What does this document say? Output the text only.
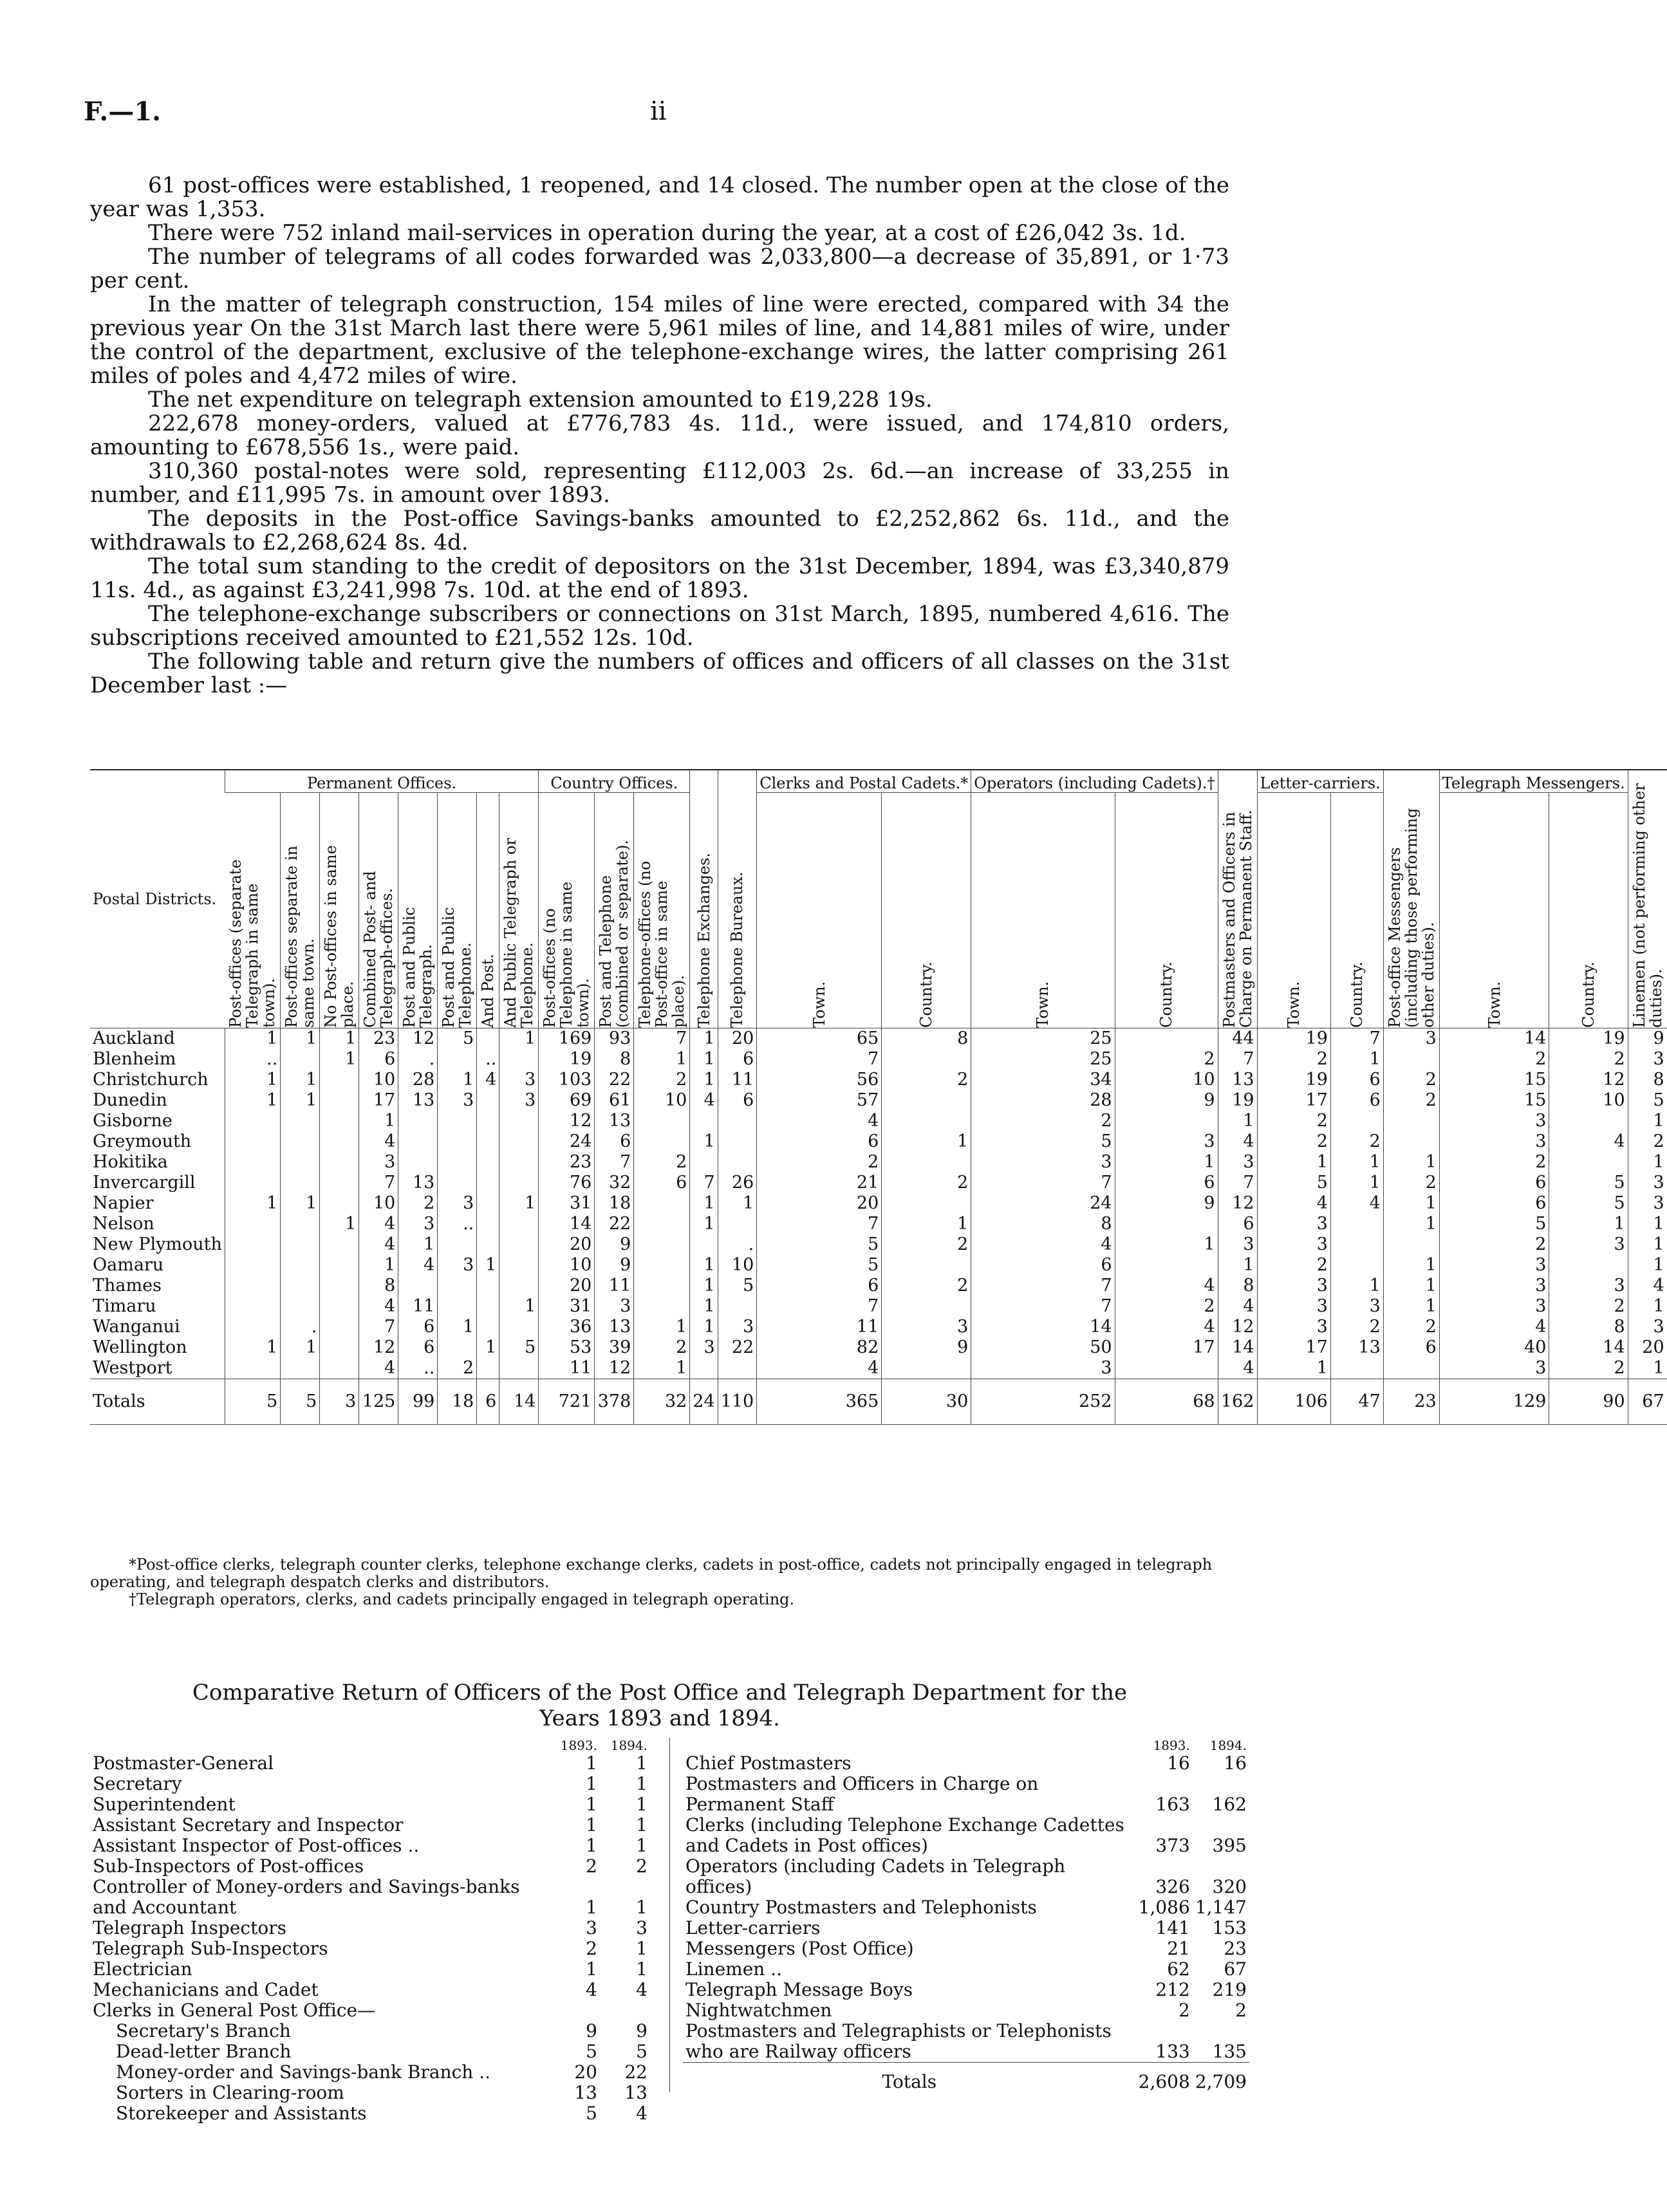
F.—1.	ii

61 post-offices were established, 1 reopened, and 14 closed. The number open at the close of the year was 1,353.

There were 752 inland mail-services in operation during the year, at a cost of £26,042 3s. 1d.

The number of telegrams of all codes forwarded was 2,033,800—a decrease of 35,891, or 1·73 per cent.

In the matter of telegraph construction, 154 miles of line were erected, compared with 34 the previous year On the 31st March last there were 5,961 miles of line, and 14,881 miles of wire, under the control of the department, exclusive of the telephone-exchange wires, the latter comprising 261 miles of poles and 4,472 miles of wire.

The net expenditure on telegraph extension amounted to £19,228 19s.

222,678 money-orders, valued at £776,783 4s. 11d., were issued, and 174,810 orders, amounting to £678,556 1s., were paid.

310,360 postal-notes were sold, representing £112,003 2s. 6d.—an increase of 33,255 in number, and £11,995 7s. in amount over 1893.

The deposits in the Post-office Savings-banks amounted to £2,252,862 6s. 11d., and the withdrawals to £2,268,624 8s. 4d.

The total sum standing to the credit of depositors on the 31st December, 1894, was £3,340,879 11s. 4d., as against £3,241,998 7s. 10d. at the end of 1893.

The telephone-exchange subscribers or connections on 31st March, 1895, numbered 4,616. The subscriptions received amounted to £21,552 12s. 10d.

The following table and return give the numbers of offices and officers of all classes on the 31st December last :—

Postal Districts.	Permanent Offices.								Country Offices.			Telephone Exchanges.	Telephone Bureaux.	Clerks and Postal Cadets.*		Operators (including Cadets).†		Postmasters and Officers in Charge on Permanent Staff.	Letter-carriers.		Post-office Messengers (including those performing other duties).	Telegraph Messengers.		Linemen (not performing other duties).

	Post-offices (separate Telegraph in same town).	Post-offices separate in same town.	No Post-offices in same place.	Combined Post- and Telegraph-offices.	Post and Public Telegraph.	Post and Public Telephone.	And Post.	And Public Telegraph or Telephone.	Post-offices (no Telephone in same town).	Post and Telephone (combined or separate).	Telephone-offices (no Post-office in same place).			Town.	Country.	Town.	Country.		Town.	Country.		Town.	Country.	

Auckland	1	1	1	23	12	5		1	169	93	7	1	20	65	8	25		44	19	7	3	14	19	9
Blenheim	..		1	6	.		..		19	8	1	1	6	7		25	2	7	2	1		2	2	3
Christchurch	1	1		10	28	1	4	3	103	22	2	1	11	56	2	34	10	13	19	6	2	15	12	8
Dunedin	1	1		17	13	3		3	69	61	10	4	6	57		28	9	19	17	6	2	15	10	5
Gisborne				1					12	13				4		2		1	2			3		1
Greymouth				4					24	6		1		6	1	5	3	4	2	2		3	4	2
Hokitika				3					23	7	2			2		3	1	3	1	1	1	2		1
Invercargill				7	13				76	32	6	7	26	21	2	7	6	7	5	1	2	6	5	3
Napier	1	1		10	2	3		1	31	18		1	1	20		24	9	12	4	4	1	6	5	3
Nelson			1	4	3	..			14	22		1		7	1	8		6	3		1	5	1	1
New Plymouth				4	1				20	9			.	5	2	4	1	3	3			2	3	1
Oamaru				1	4	3	1		10	9		1	10	5		6		1	2		1	3		1
Thames				8					20	11		1	5	6	2	7	4	8	3	1	1	3	3	4
Timaru				4	11			1	31	3		1		7		7	2	4	3	3	1	3	2	1
Wanganui		.		7	6	1			36	13	1	1	3	11	3	14	4	12	3	2	2	4	8	3
Wellington	1	1		12	6		1	5	53	39	2	3	22	82	9	50	17	14	17	13	6	40	14	20
Westport				4	..	2			11	12	1			4		3		4	1			3	2	1
Totals	5	5	3	125	99	18	6	14	721	378	32	24	110	365	30	252	68	162	106	47	23	129	90	67

*Post-office clerks, telegraph counter clerks, telephone exchange clerks, cadets in post-office, cadets not principally engaged in telegraph operating, and telegraph despatch clerks and distributors.

†Telegraph operators, clerks, and cadets principally engaged in telegraph operating.

Comparative Return of Officers of the Post Office and Telegraph Department for the
Years 1893 and 1894.
	1893.	1894.
Postmaster-General	1	1
Secretary	1	1
Superintendent	1	1
Assistant Secretary and Inspector	1	1
Assistant Inspector of Post-offices ..	1	1
Sub-Inspectors of Post-offices	2	2
Controller of Money-orders and Savings-banks and Accountant	1	1
Telegraph Inspectors	3	3
Telegraph Sub-Inspectors	2	1
Electrician	1	1
Mechanicians and Cadet	4	4
Clerks in General Post Office—		
Secretary's Branch	9	9
Dead-letter Branch	5	5
Money-order and Savings-bank Branch ..	20	22
Sorters in Clearing-room	13	13
Storekeeper and Assistants	5	4
	1893.	1894.
Chief Postmasters	16	16
Postmasters and Officers in Charge on Permanent Staff	163	162
Clerks (including Telephone Exchange Cadettes and Cadets in Post offices)	373	395
Operators (including Cadets in Telegraph offices)	326	320
Country Postmasters and Telephonists	1,086	1,147
Letter-carriers	141	153
Messengers (Post Office)	21	23
Linemen ..	62	67
Telegraph Message Boys	212	219
Nightwatchmen	2	2
Postmasters and Telegraphists or Telephonists who are Railway officers	133	135
Totals	2,608	2,709
